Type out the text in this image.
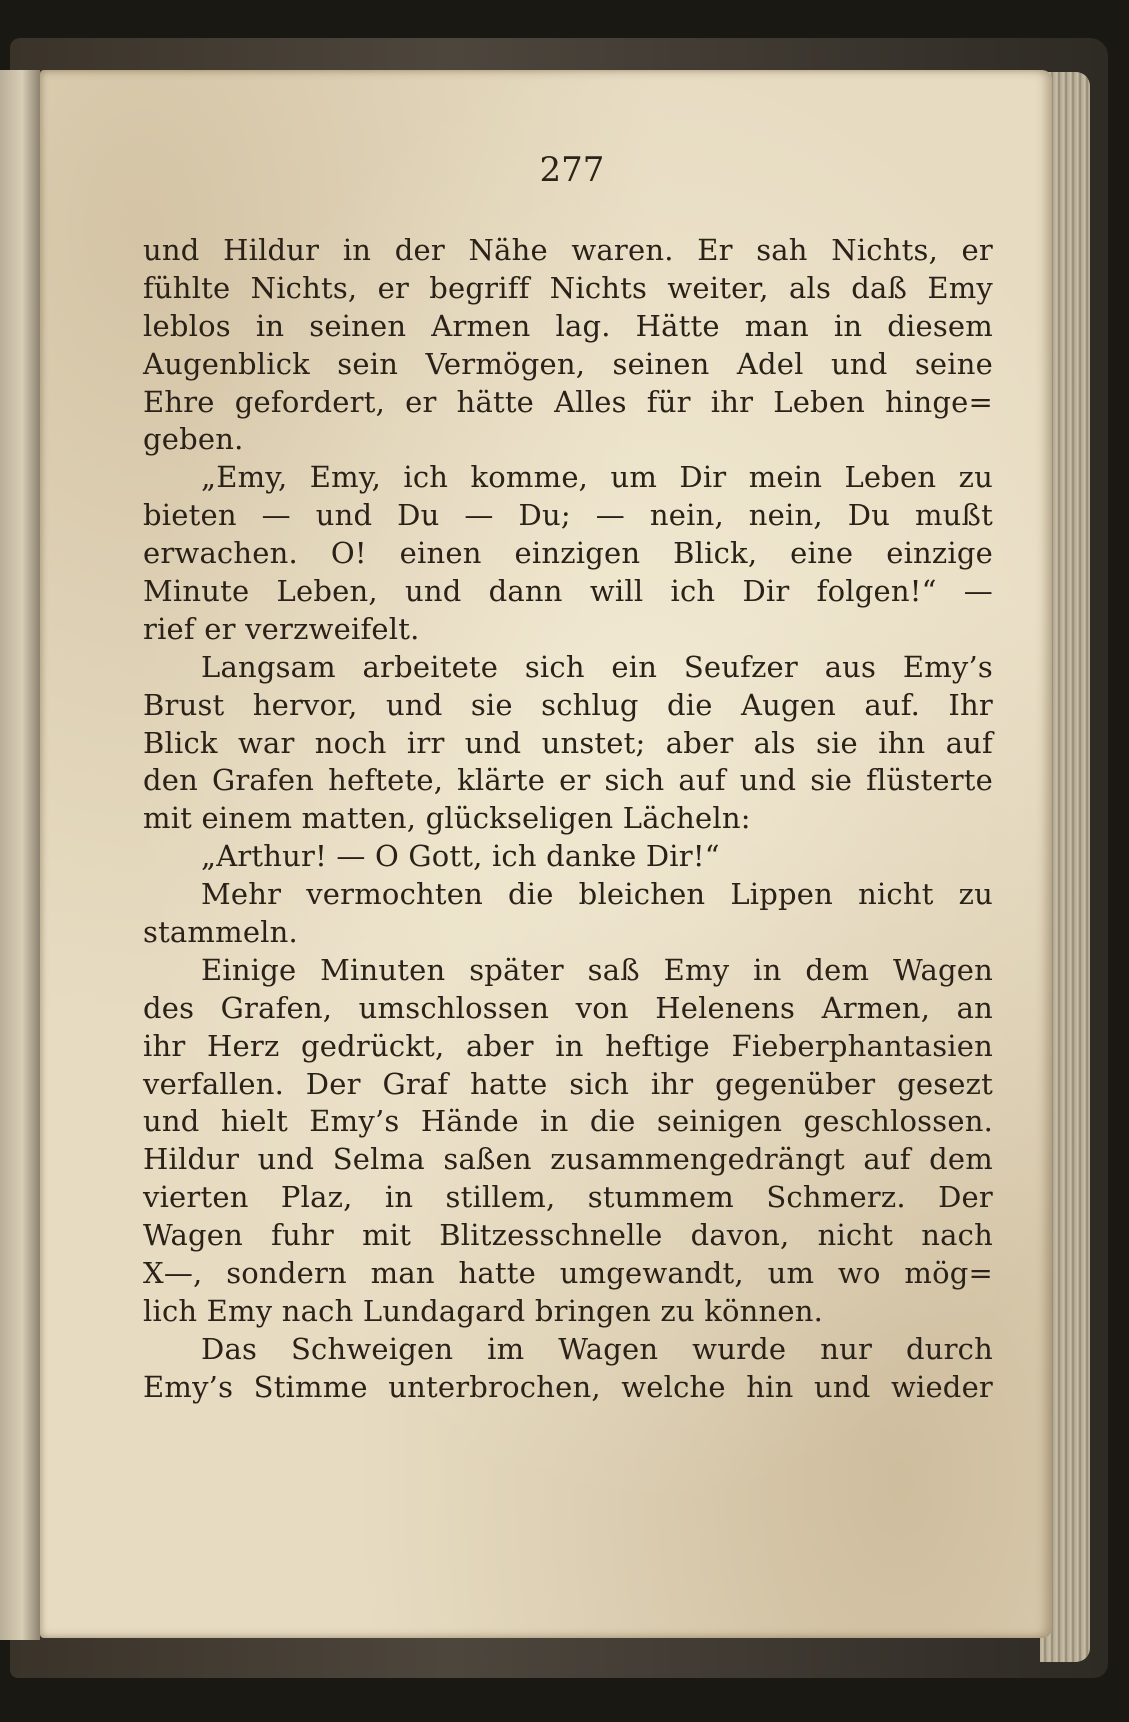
277
und Hildur in der Nähe waren. Er sah Nichts, er
fühlte Nichts, er begriff Nichts weiter, als daß Emy
leblos in seinen Armen lag. Hätte man in diesem
Augenblick sein Vermögen, seinen Adel und seine
Ehre gefordert, er hätte Alles für ihr Leben hinge=
geben.
„Emy, Emy, ich komme, um Dir mein Leben zu
bieten — und Du — Du; — nein, nein, Du mußt
erwachen. O! einen einzigen Blick, eine einzige
Minute Leben, und dann will ich Dir folgen!“ —
rief er verzweifelt.
Langsam arbeitete sich ein Seufzer aus Emy’s
Brust hervor, und sie schlug die Augen auf. Ihr
Blick war noch irr und unstet; aber als sie ihn auf
den Grafen heftete, klärte er sich auf und sie flüsterte
mit einem matten, glückseligen Lächeln:
„Arthur! — O Gott, ich danke Dir!“
Mehr vermochten die bleichen Lippen nicht zu
stammeln.
Einige Minuten später saß Emy in dem Wagen
des Grafen, umschlossen von Helenens Armen, an
ihr Herz gedrückt, aber in heftige Fieberphantasien
verfallen. Der Graf hatte sich ihr gegenüber gesezt
und hielt Emy’s Hände in die seinigen geschlossen.
Hildur und Selma saßen zusammengedrängt auf dem
vierten Plaz, in stillem, stummem Schmerz. Der
Wagen fuhr mit Blitzesschnelle davon, nicht nach
X—, sondern man hatte umgewandt, um wo mög=
lich Emy nach Lundagard bringen zu können.
Das Schweigen im Wagen wurde nur durch
Emy’s Stimme unterbrochen, welche hin und wieder
